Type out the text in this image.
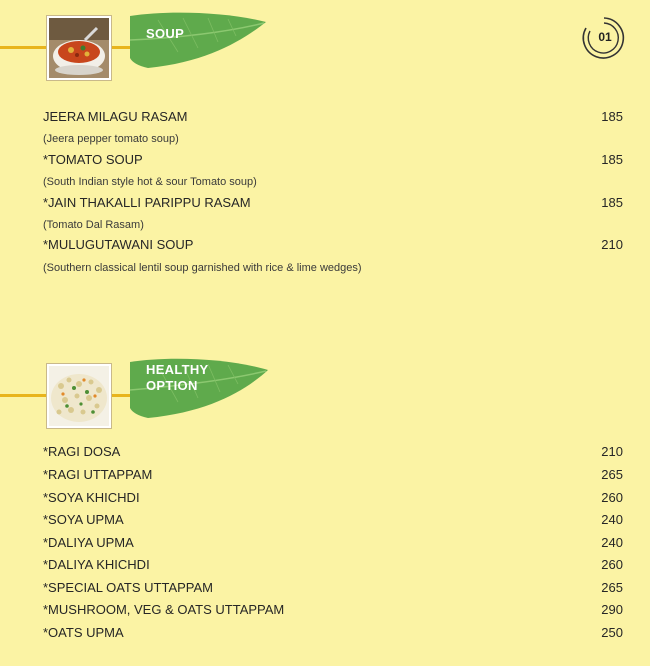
SOUP	01
JEERA MILAGU RASAM	185
(Jeera pepper tomato soup)
*TOMATO SOUP	185
(South Indian style hot & sour Tomato soup)
*JAIN THAKALLI PARIPPU RASAM	185
(Tomato Dal Rasam)
*MULUGUTAWANI SOUP	210
(Southern classical lentil soup garnished with rice & lime wedges)
HEALTHY
OPTION
*RAGI DOSA	210
*RAGI UTTAPPAM	265
*SOYA KHICHDI	260
*SOYA UPMA	240
*DALIYA UPMA	240
*DALIYA KHICHDI	260
*SPECIAL OATS UTTAPPAM	265
*MUSHROOM, VEG & OATS UTTAPPAM	290
*OATS UPMA	250
